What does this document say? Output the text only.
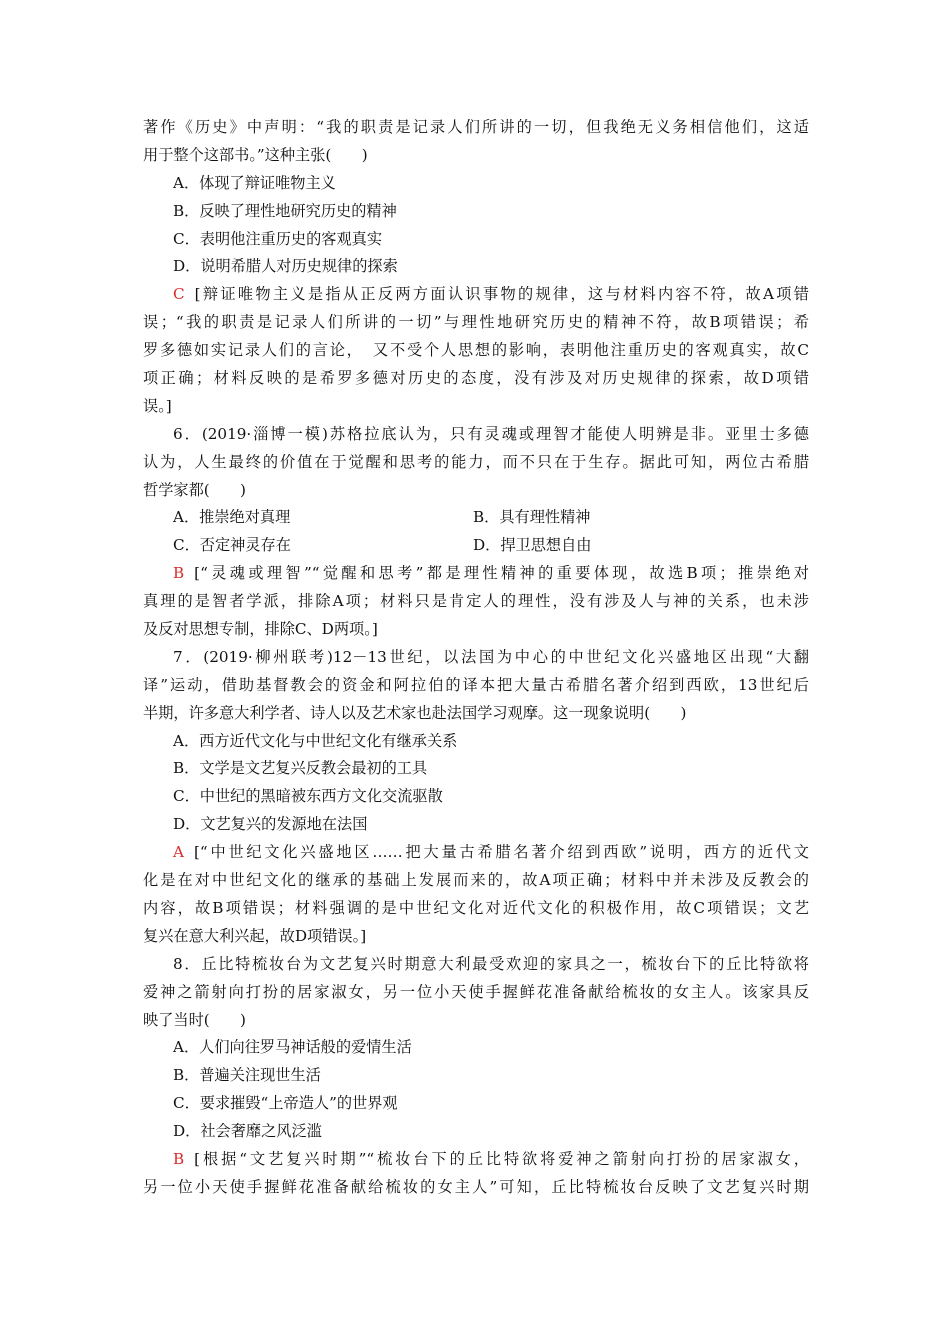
著作《历史》中声明：“我的职责是记录人们所讲的一切，但我绝无义务相信他们，这适
用于整个这部书。”这种主张(　　)
A．体现了辩证唯物主义
B．反映了理性地研究历史的精神
C．表明他注重历史的客观真实
D．说明希腊人对历史规律的探索
C [辩证唯物主义是指从正反两方面认识事物的规律，这与材料内容不符，故A项错
误；“我的职责是记录人们所讲的一切”与理性地研究历史的精神不符，故B项错误；希
罗多德如实记录人们的言论，　又不受个人思想的影响，表明他注重历史的客观真实，故C
项正确；材料反映的是希罗多德对历史的态度，没有涉及对历史规律的探索，故D项错
误。]
6．(2019·淄博一模)苏格拉底认为，只有灵魂或理智才能使人明辨是非。亚里士多德
认为，人生最终的价值在于觉醒和思考的能力，而不只在于生存。据此可知，两位古希腊
哲学家都(　　)
A．推崇绝对真理	B．具有理性精神
C．否定神灵存在	D．捍卫思想自由
B [“灵魂或理智”“觉醒和思考”都是理性精神的重要体现，故选B项；推崇绝对
真理的是智者学派，排除A项；材料只是肯定人的理性，没有涉及人与神的关系，也未涉
及反对思想专制，排除C、D两项。]
7．(2019·柳州联考)12－13世纪，以法国为中心的中世纪文化兴盛地区出现“大翻
译”运动，借助基督教会的资金和阿拉伯的译本把大量古希腊名著介绍到西欧，13世纪后
半期，许多意大利学者、诗人以及艺术家也赴法国学习观摩。这一现象说明(　　)
A．西方近代文化与中世纪文化有继承关系
B．文学是文艺复兴反教会最初的工具
C．中世纪的黑暗被东西方文化交流驱散
D．文艺复兴的发源地在法国
A [“中世纪文化兴盛地区……把大量古希腊名著介绍到西欧”说明，西方的近代文
化是在对中世纪文化的继承的基础上发展而来的，故A项正确；材料中并未涉及反教会的
内容，故B项错误；材料强调的是中世纪文化对近代文化的积极作用，故C项错误；文艺
复兴在意大利兴起，故D项错误。]
8．丘比特梳妆台为文艺复兴时期意大利最受欢迎的家具之一，梳妆台下的丘比特欲将
爱神之箭射向打扮的居家淑女，另一位小天使手握鲜花准备献给梳妆的女主人。该家具反
映了当时(　　)
A．人们向往罗马神话般的爱情生活
B．普遍关注现世生活
C．要求摧毁“上帝造人”的世界观
D．社会奢靡之风泛滥
B [根据“文艺复兴时期”“梳妆台下的丘比特欲将爱神之箭射向打扮的居家淑女，
另一位小天使手握鲜花准备献给梳妆的女主人”可知，丘比特梳妆台反映了文艺复兴时期
